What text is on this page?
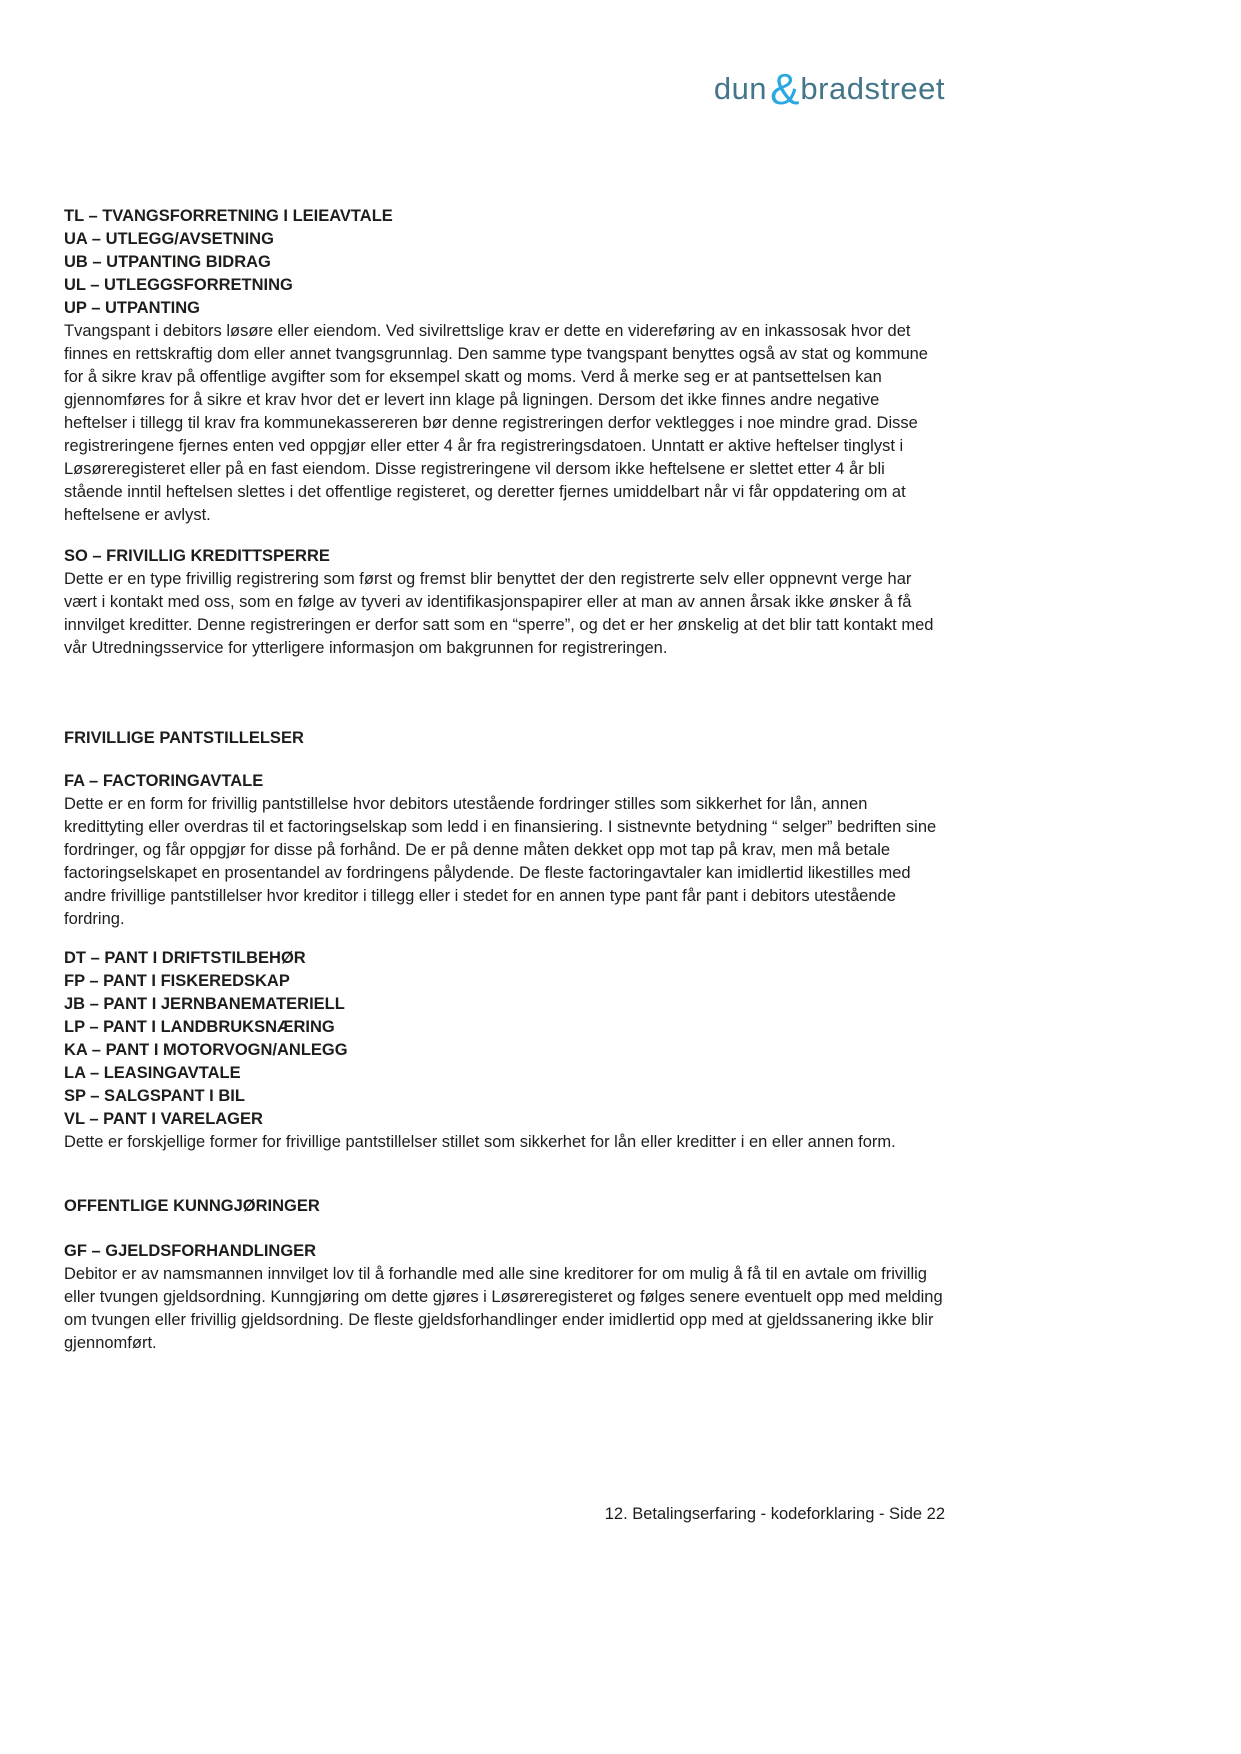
dun&bradstreet

TL – TVANGSFORRETNING I LEIEAVTALE

UA – UTLEGG/AVSETNING

UB – UTPANTING BIDRAG

UL – UTLEGGSFORRETNING

UP – UTPANTING

Tvangspant i debitors løsøre eller eiendom. Ved sivilrettslige krav er dette en videreføring av en inkassosak hvor det finnes en rettskraftig dom eller annet tvangsgrunnlag. Den samme type tvangspant benyttes også av stat og kommune for å sikre krav på offentlige avgifter som for eksempel skatt og moms. Verd å merke seg er at pantsettelsen kan gjennomføres for å sikre et krav hvor det er levert inn klage på ligningen. Dersom det ikke finnes andre negative heftelser i tillegg til krav fra kommunekassereren bør denne registreringen derfor vektlegges i noe mindre grad. Disse registreringene fjernes enten ved oppgjør eller etter 4 år fra registreringsdatoen. Unntatt er aktive heftelser tinglyst i Løsøreregisteret eller på en fast eiendom. Disse registreringene vil dersom ikke heftelsene er slettet etter 4 år bli stående inntil heftelsen slettes i det offentlige registeret, og deretter fjernes umiddelbart når vi får oppdatering om at heftelsene er avlyst.

SO – FRIVILLIG KREDITTSPERRE

Dette er en type frivillig registrering som først og fremst blir benyttet der den registrerte selv eller oppnevnt verge har vært i kontakt med oss, som en følge av tyveri av identifikasjonspapirer eller at man av annen årsak ikke ønsker å få innvilget kreditter. Denne registreringen er derfor satt som en “sperre”, og det er her ønskelig at det blir tatt kontakt med vår Utredningsservice for ytterligere informasjon om bakgrunnen for registreringen.

FRIVILLIGE PANTSTILLELSER

FA – FACTORINGAVTALE

Dette er en form for frivillig pantstillelse hvor debitors utestående fordringer stilles som sikkerhet for lån, annen kredittyting eller overdras til et factoringselskap som ledd i en finansiering. I sistnevnte betydning “ selger” bedriften sine fordringer, og får oppgjør for disse på forhånd. De er på denne måten dekket opp mot tap på krav, men må betale factoringselskapet en prosentandel av fordringens pålydende. De fleste factoringavtaler kan imidlertid likestilles med andre frivillige pantstillelser hvor kreditor i tillegg eller i stedet for en annen type pant får pant i debitors utestående fordring.

DT – PANT I DRIFTSTILBEHØR

FP – PANT I FISKEREDSKAP

JB – PANT I JERNBANEMATERIELL

LP – PANT I LANDBRUKSNÆRING

KA – PANT I MOTORVOGN/ANLEGG

LA – LEASINGAVTALE

SP – SALGSPANT I BIL

VL – PANT I VARELAGER

Dette er forskjellige former for frivillige pantstillelser stillet som sikkerhet for lån eller kreditter i en eller annen form.

OFFENTLIGE KUNNGJØRINGER

GF – GJELDSFORHANDLINGER

Debitor er av namsmannen innvilget lov til å forhandle med alle sine kreditorer for om mulig å få til en avtale om frivillig eller tvungen gjeldsordning. Kunngjøring om dette gjøres i Løsøreregisteret og følges senere eventuelt opp med melding om tvungen eller frivillig gjeldsordning. De fleste gjeldsforhandlinger ender imidlertid opp med at gjeldssanering ikke blir gjennomført.

12. Betalingserfaring - kodeforklaring - Side 22
